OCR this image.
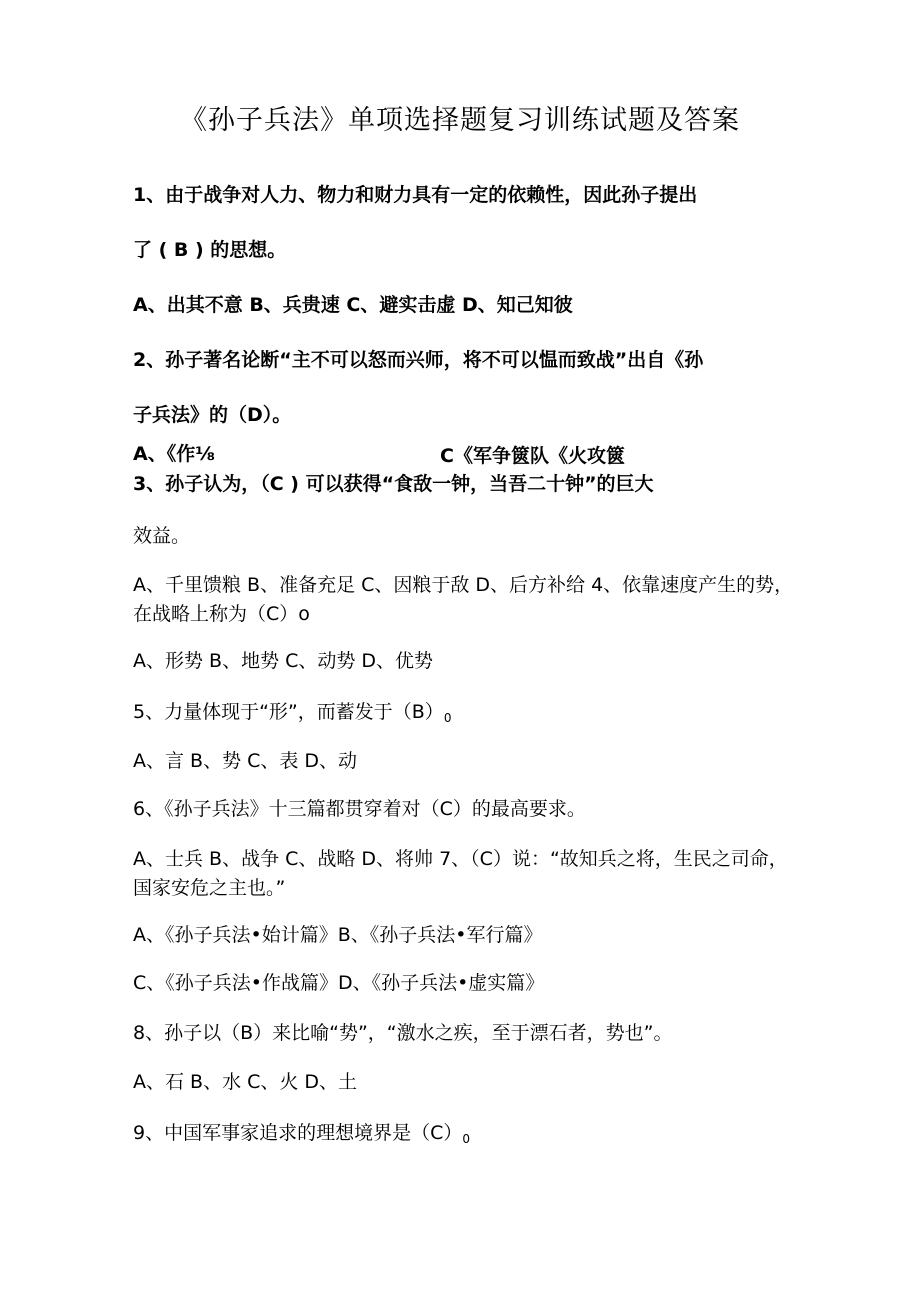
《孙子兵法》单项选择题复习训练试题及答案
1、由于战争对人力、物力和财力具有一定的依赖性，因此孙子提出
了 ( B ) 的思想。
A、出其不意 B、兵贵速 C、避实击虚 D、知己知彼
2、孙子著名论断“主不可以怒而兴师，将不可以愠而致战”出自《孙
子兵法》的（D）。
A、《作⅛	C《军争篋队《火攻篋
3、孙子认为，（C ) 可以获得“食敌一钟，当吾二十钟”的巨大
效益。
A、千里馈粮 B、准备充足 C、因粮于敌 D、后方补给 4、依靠速度产生的势，在战略上称为（C）o
A、形势 B、地势 C、动势 D、优势
5、力量体现于“形”，而蓄发于$(B)_0$
A、言 B、势 C、表 D、动
6、《孙子兵法》十三篇都贯穿着对（C）的最高要求。
A、士兵 B、战争 C、战略 D、将帅 7、（C）说：“故知兵之将，生民之司命，国家安危之主也。”
A、《孙子兵法•始计篇》B、《孙子兵法•军行篇》
C、《孙子兵法•作战篇》D、《孙子兵法•虚实篇》
8、孙子以（B）来比喻“势”，“激水之疾，至于漂石者，势也”。
A、石 B、水 C、火 D、土
9、中国军事家追求的理想境界是$(C)_0$
